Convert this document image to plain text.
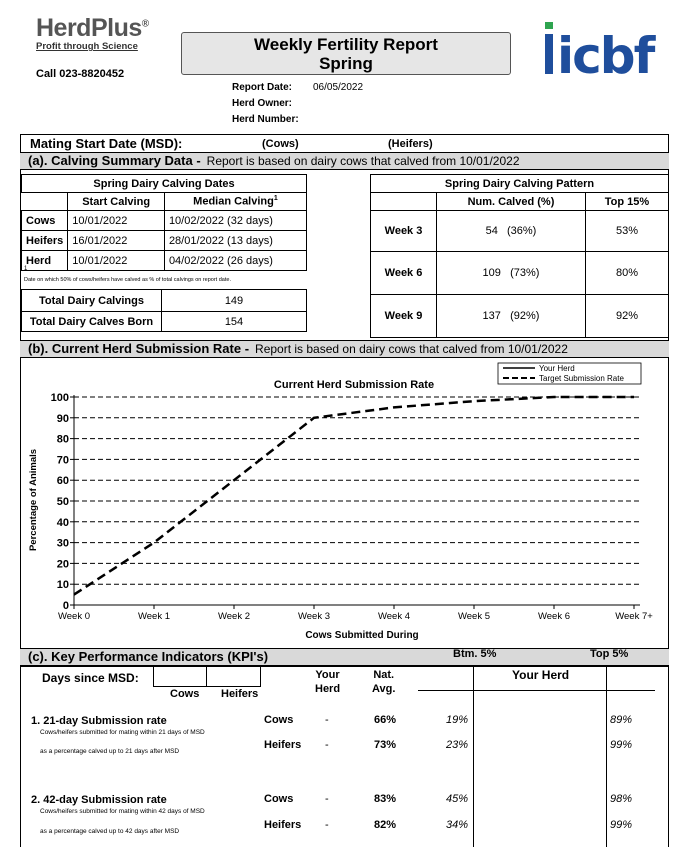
HerdPlus®
Profit through Science
Call 023-8820452
Weekly Fertility Report
Spring	icbf
Report Date: 06/05/2022
Herd Owner:
Herd Number:
Mating Start Date (MSD):	(Cows)	(Heifers)
(a). Calving Summary Data - Report is based on dairy cows that calved from 10/01/2022
Spring Dairy Calving Dates		
	Start Calving	Median Calving$^1$
Cows	10/01/2022	10/02/2022 (32 days)
Heifers	16/01/2022	28/01/2022 (13 days)
Herd	10/01/2022	04/02/2022 (26 days)
1
Date on which 50% of cows/heifers have calved as % of total calvings on report date.
Total Dairy Calvings	149
Total Dairy Calves Born	154
Spring Dairy Calving Pattern		
	Num. Calved (%)	Top 15%
Week 3	54 (36%)	53%
Week 6	109 (73%)	80%
Week 9	137 (92%)	92%
(b). Current Herd Submission Rate - Report is based on dairy cows that calved from 10/01/2022
0
10
20
30
40
50
60
70
80
90
100
Week 0	Week 1	Week 2	Week 3	Week 4	Week 5	Week 6	Week 7+
Current Herd Submission Rate
Cows Submitted During
Percentage of Animals
Your Herd
Target Submission Rate
(c). Key Performance Indicators (KPI's)	Btm. 5%	Top 5%
Days since MSD:
Cows Heifers
Your
Herd
Nat.
Avg.
Your Herd
1. 21-day Submission rate
Cows/heifers submitted for mating within 21 days of MSD
as a percentage calved up to 21 days after MSD
Cows	-	66%	19%	89%
Heifers -	73%	23%	99%
2. 42-day Submission rate
Cows/heifers submitted for mating within 42 days of MSD
as a percentage calved up to 42 days after MSD
Cows	-	83%	45%	98%
Heifers -	82%	34%	99%
